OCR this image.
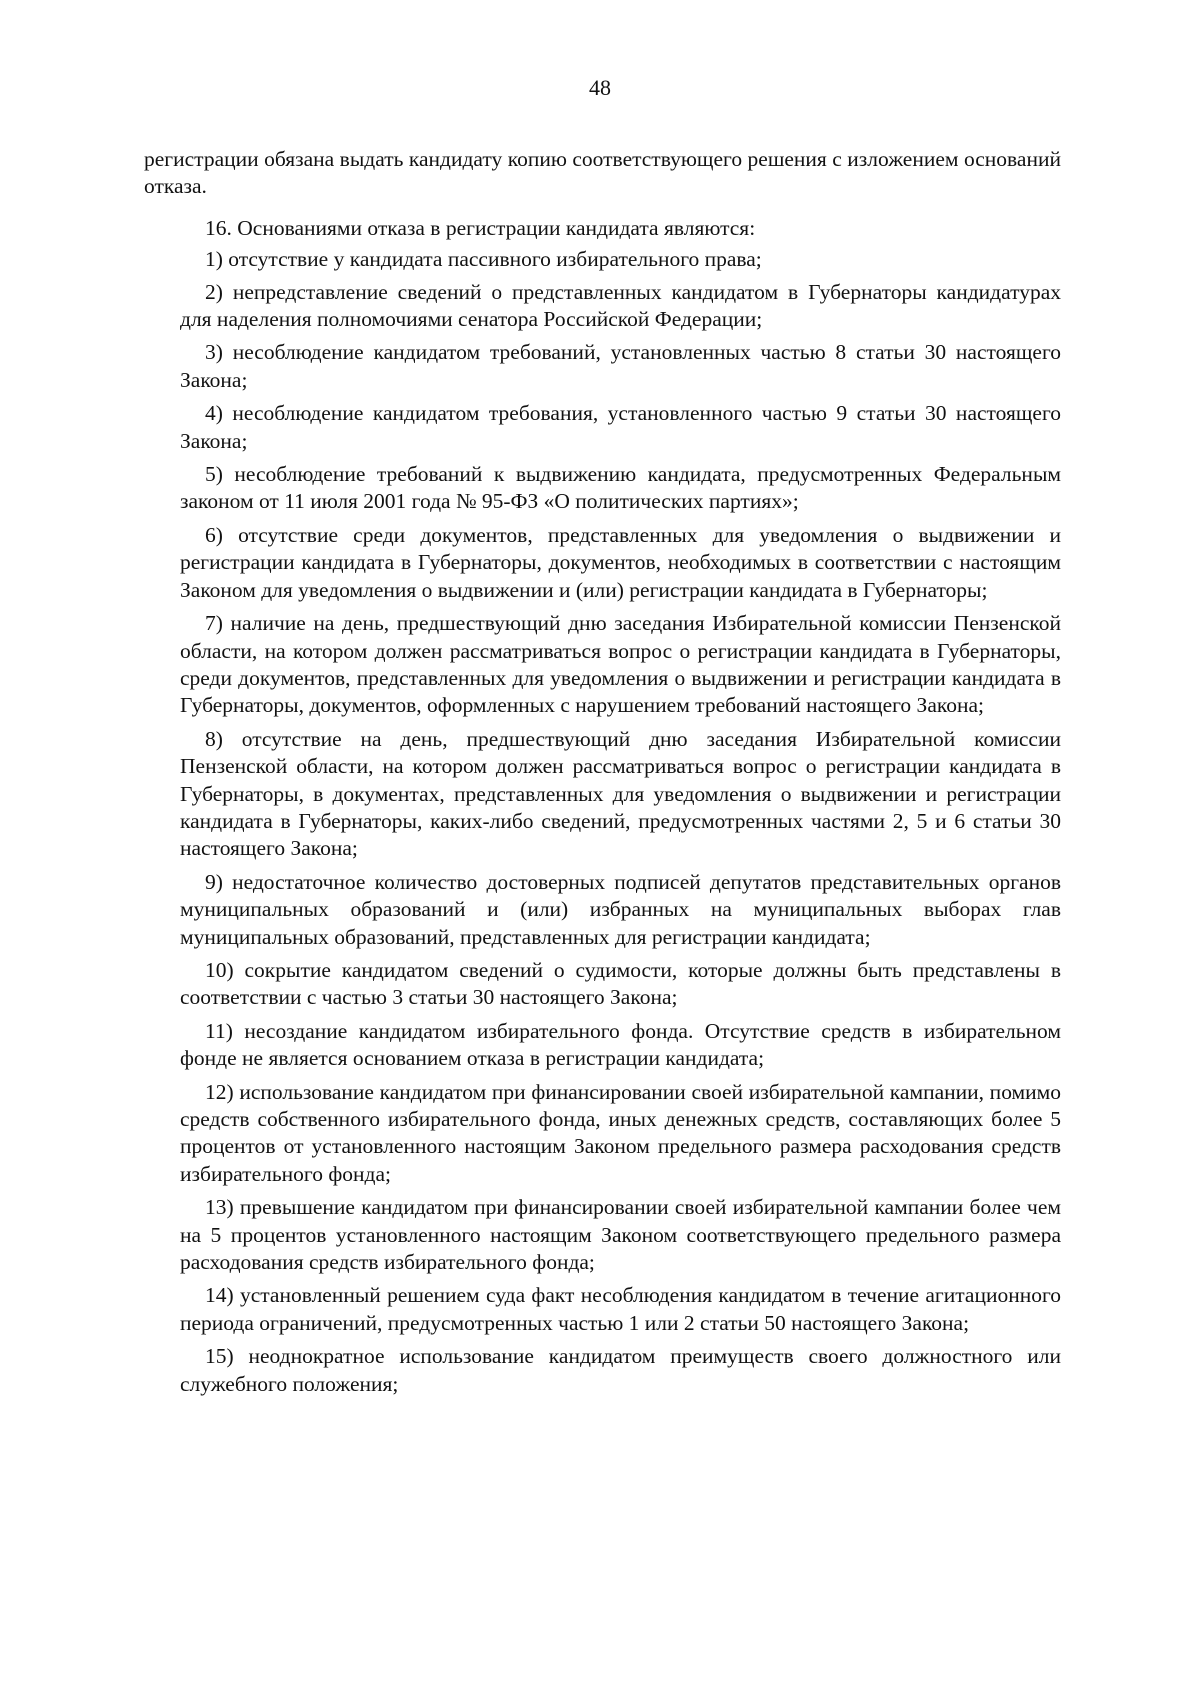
48

регистрации обязана выдать кандидату копию соответствующего решения с изложением оснований отказа.

16. Основаниями отказа в регистрации кандидата являются:

1) отсутствие у кандидата пассивного избирательного права;

2) непредставление сведений о представленных кандидатом в Губернаторы кандидатурах для наделения полномочиями сенатора Российской Федерации;

3) несоблюдение кандидатом требований, установленных частью 8 статьи 30 настоящего Закона;

4) несоблюдение кандидатом требования, установленного частью 9 статьи 30 настоящего Закона;

5) несоблюдение требований к выдвижению кандидата, предусмотренных Федеральным законом от 11 июля 2001 года № 95-ФЗ «О политических партиях»;

6) отсутствие среди документов, представленных для уведомления о выдвижении и регистрации кандидата в Губернаторы, документов, необходимых в соответствии с настоящим Законом для уведомления о выдвижении и (или) регистрации кандидата в Губернаторы;

7) наличие на день, предшествующий дню заседания Избирательной комиссии Пензенской области, на котором должен рассматриваться вопрос о регистрации кандидата в Губернаторы, среди документов, представленных для уведомления о выдвижении и регистрации кандидата в Губернаторы, документов, оформленных с нарушением требований настоящего Закона;

8) отсутствие на день, предшествующий дню заседания Избирательной комиссии Пензенской области, на котором должен рассматриваться вопрос о регистрации кандидата в Губернаторы, в документах, представленных для уведомления о выдвижении и регистрации кандидата в Губернаторы, каких-либо сведений, предусмотренных частями 2, 5 и 6 статьи 30 настоящего Закона;

9) недостаточное количество достоверных подписей депутатов представительных органов муниципальных образований и (или) избранных на муниципальных выборах глав муниципальных образований, представленных для регистрации кандидата;

10) сокрытие кандидатом сведений о судимости, которые должны быть представлены в соответствии с частью 3 статьи 30 настоящего Закона;

11) несоздание кандидатом избирательного фонда. Отсутствие средств в избирательном фонде не является основанием отказа в регистрации кандидата;

12) использование кандидатом при финансировании своей избирательной кампании, помимо средств собственного избирательного фонда, иных денежных средств, составляющих более 5 процентов от установленного настоящим Законом предельного размера расходования средств избирательного фонда;

13) превышение кандидатом при финансировании своей избирательной кампании более чем на 5 процентов установленного настоящим Законом соответствующего предельного размера расходования средств избирательного фонда;

14) установленный решением суда факт несоблюдения кандидатом в течение агитационного периода ограничений, предусмотренных частью 1 или 2 статьи 50 настоящего Закона;

15) неоднократное использование кандидатом преимуществ своего должностного или служебного положения;
